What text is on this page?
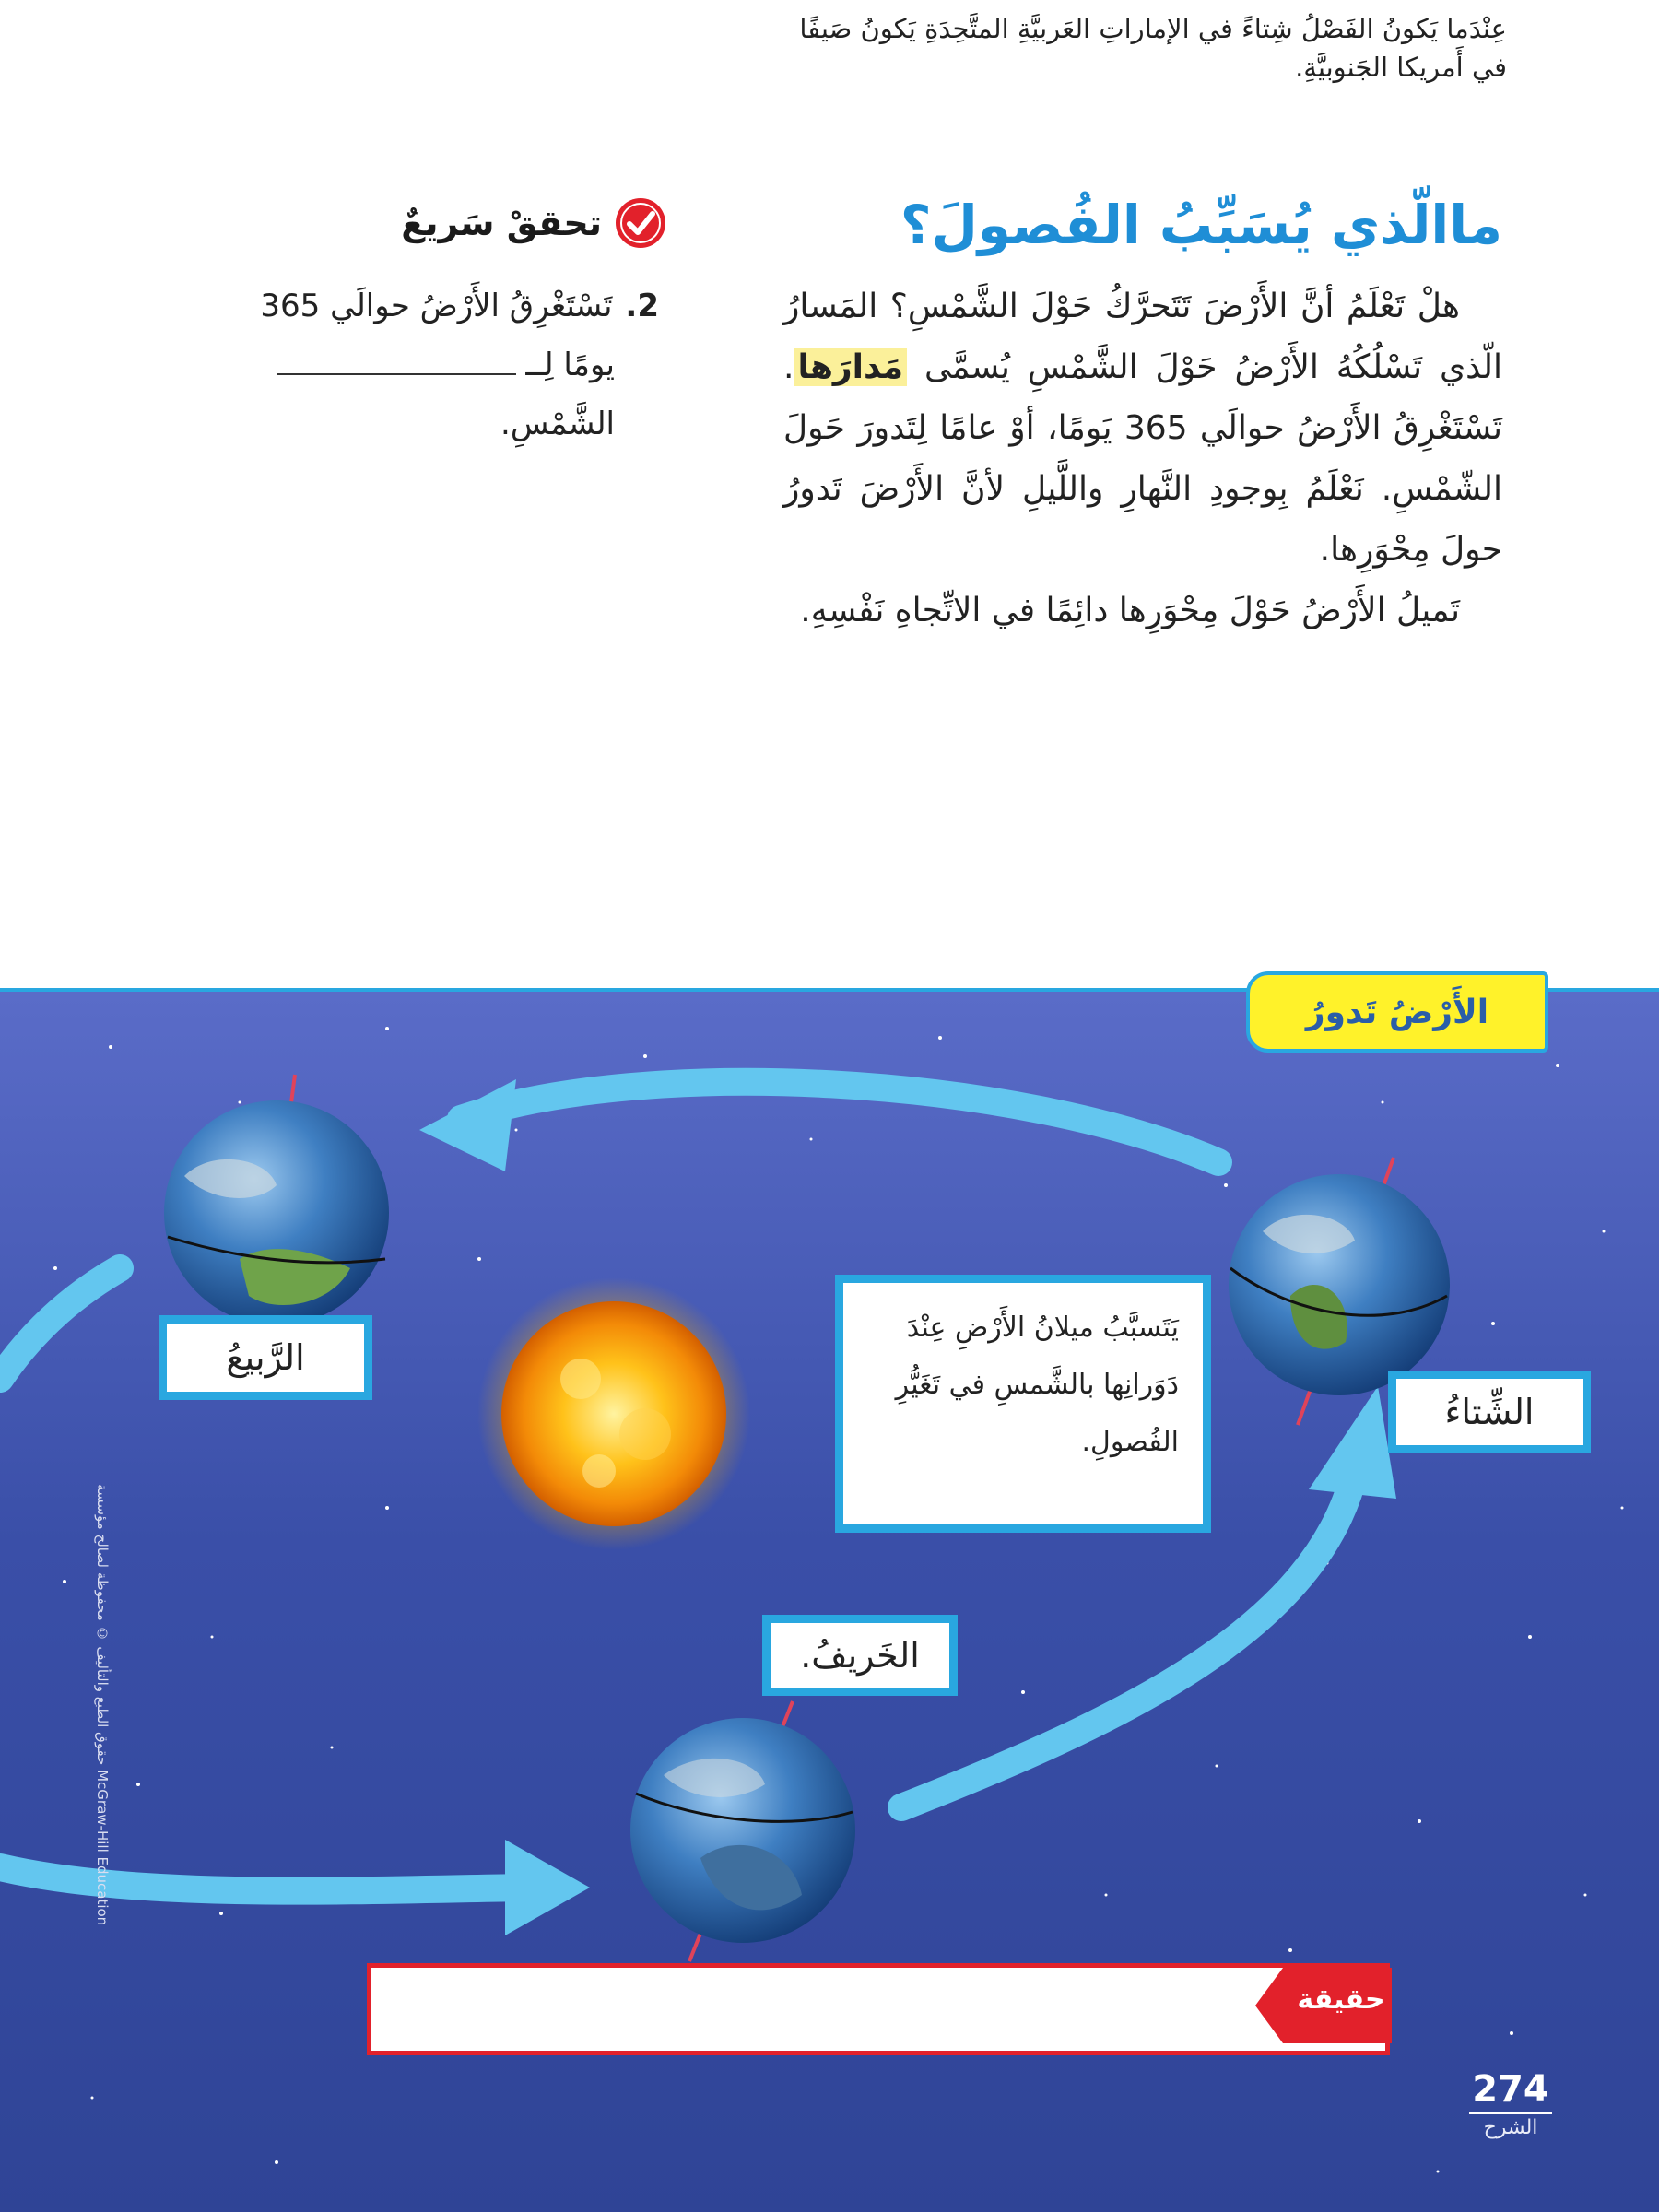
ماالّذي يُسَبِّبُ الفُصولَ؟

هلْ تَعْلَمُ أنَّ الأَرْضَ تَتَحرَّكُ حَوْلَ الشَّمْسِ؟ المَسارُ الّذي تَسْلُكُهُ الأَرْضُ حَوْلَ الشَّمْسِ يُسمَّى مَدارَها. تَسْتَغْرِقُ الأَرْضُ حوالَي 365 يَومًا، أوْ عامًا لِتَدورَ حَولَ الشّمْسِ. نَعْلَمُ بِوجودِ النَّهارِ واللَّيلِ لأنَّ الأَرْضَ تَدورُ حولَ مِحْوَرِها.

تَميلُ الأَرْضُ حَوْلَ مِحْوَرِها دائِمًا في الاتِّجاهِ نَفْسِهِ.

تحققْ سَريعٌ
2.تَسْتَغْرِقُ الأَرْضُ حوالَي 365
يومًا لِــ
الشَّمْسِ.
الأَرْضُ تَدورُ
الرَّبيعُ
الشِّتاءُ
الخَريفُ.
يَتَسبَّبُ ميلانُ الأَرْضِ عِنْدَ دَوَرانِها بالشَّمسِ في تَغَيُّرِ الفُصولِ.
حقيقة
عِنْدَما يَكونُ الفَصْلُ شِتاءً في الإماراتِ العَربيَّةِ المتَّحِدَةِ يَكونُ صَيفًا
في أَمريكا الجَنوبيَّةِ.
حقوق الطبع والتأليف © محفوظة لصالح مؤسسة McGraw-Hill Education
274
الشرح
